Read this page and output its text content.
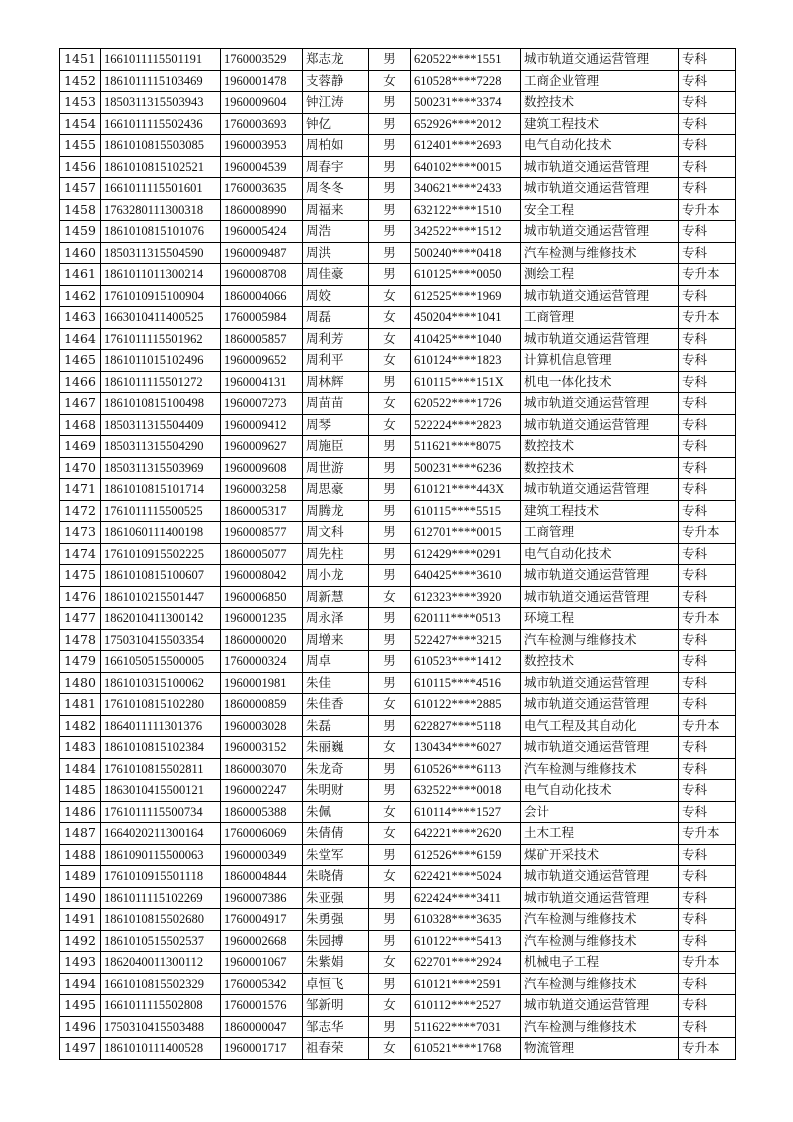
1451	1661011115501191	1760003529	郑志龙	男	620522****1551	城市轨道交通运营管理	专科
1452	1861011115103469	1960001478	支蓉静	女	610528****7228	工商企业管理	专科
1453	1850311315503943	1960009604	钟江涛	男	500231****3374	数控技术	专科
1454	1661011115502436	1760003693	钟亿	男	652926****2012	建筑工程技术	专科
1455	1861010815503085	1960003953	周柏如	男	612401****2693	电气自动化技术	专科
1456	1861010815102521	1960004539	周春宇	男	640102****0015	城市轨道交通运营管理	专科
1457	1661011115501601	1760003635	周冬冬	男	340621****2433	城市轨道交通运营管理	专科
1458	1763280111300318	1860008990	周福来	男	632122****1510	安全工程	专升本
1459	1861010815101076	1960005424	周浩	男	342522****1512	城市轨道交通运营管理	专科
1460	1850311315504590	1960009487	周洪	男	500240****0418	汽车检测与维修技术	专科
1461	1861011011300214	1960008708	周佳豪	男	610125****0050	测绘工程	专升本
1462	1761010915100904	1860004066	周姣	女	612525****1969	城市轨道交通运营管理	专科
1463	1663010411400525	1760005984	周磊	女	450204****1041	工商管理	专升本
1464	1761011115501962	1860005857	周利芳	女	410425****1040	城市轨道交通运营管理	专科
1465	1861011015102496	1960009652	周利平	女	610124****1823	计算机信息管理	专科
1466	1861011115501272	1960004131	周林辉	男	610115****151X	机电一体化技术	专科
1467	1861010815100498	1960007273	周苗苗	女	620522****1726	城市轨道交通运营管理	专科
1468	1850311315504409	1960009412	周琴	女	522224****2823	城市轨道交通运营管理	专科
1469	1850311315504290	1960009627	周施臣	男	511621****8075	数控技术	专科
1470	1850311315503969	1960009608	周世游	男	500231****6236	数控技术	专科
1471	1861010815101714	1960003258	周思豪	男	610121****443X	城市轨道交通运营管理	专科
1472	1761011115500525	1860005317	周腾龙	男	610115****5515	建筑工程技术	专科
1473	1861060111400198	1960008577	周文科	男	612701****0015	工商管理	专升本
1474	1761010915502225	1860005077	周先柱	男	612429****0291	电气自动化技术	专科
1475	1861010815100607	1960008042	周小龙	男	640425****3610	城市轨道交通运营管理	专科
1476	1861010215501447	1960006850	周新慧	女	612323****3920	城市轨道交通运营管理	专科
1477	1862010411300142	1960001235	周永泽	男	620111****0513	环境工程	专升本
1478	1750310415503354	1860000020	周增来	男	522427****3215	汽车检测与维修技术	专科
1479	1661050515500005	1760000324	周卓	男	610523****1412	数控技术	专科
1480	1861010315100062	1960001981	朱佳	男	610115****4516	城市轨道交通运营管理	专科
1481	1761010815102280	1860000859	朱佳香	女	610122****2885	城市轨道交通运营管理	专科
1482	1864011111301376	1960003028	朱磊	男	622827****5118	电气工程及其自动化	专升本
1483	1861010815102384	1960003152	朱丽巍	女	130434****6027	城市轨道交通运营管理	专科
1484	1761010815502811	1860003070	朱龙奇	男	610526****6113	汽车检测与维修技术	专科
1485	1863010415500121	1960002247	朱明财	男	632522****0018	电气自动化技术	专科
1486	1761011115500734	1860005388	朱佩	女	610114****1527	会计	专科
1487	1664020211300164	1760006069	朱倩倩	女	642221****2620	土木工程	专升本
1488	1861090115500063	1960000349	朱堂军	男	612526****6159	煤矿开采技术	专科
1489	1761010915501118	1860004844	朱晓倩	女	622421****5024	城市轨道交通运营管理	专科
1490	1861011115102269	1960007386	朱亚强	男	622424****3411	城市轨道交通运营管理	专科
1491	1861010815502680	1760004917	朱勇强	男	610328****3635	汽车检测与维修技术	专科
1492	1861010515502537	1960002668	朱园搏	男	610122****5413	汽车检测与维修技术	专科
1493	1862040011300112	1960001067	朱紫娟	女	622701****2924	机械电子工程	专升本
1494	1661010815502329	1760005342	卓恒飞	男	610121****2591	汽车检测与维修技术	专科
1495	1661011115502808	1760001576	邹新明	女	610112****2527	城市轨道交通运营管理	专科
1496	1750310415503488	1860000047	邹志华	男	511622****7031	汽车检测与维修技术	专科
1497	1861010111400528	1960001717	祖春荣	女	610521****1768	物流管理	专升本
